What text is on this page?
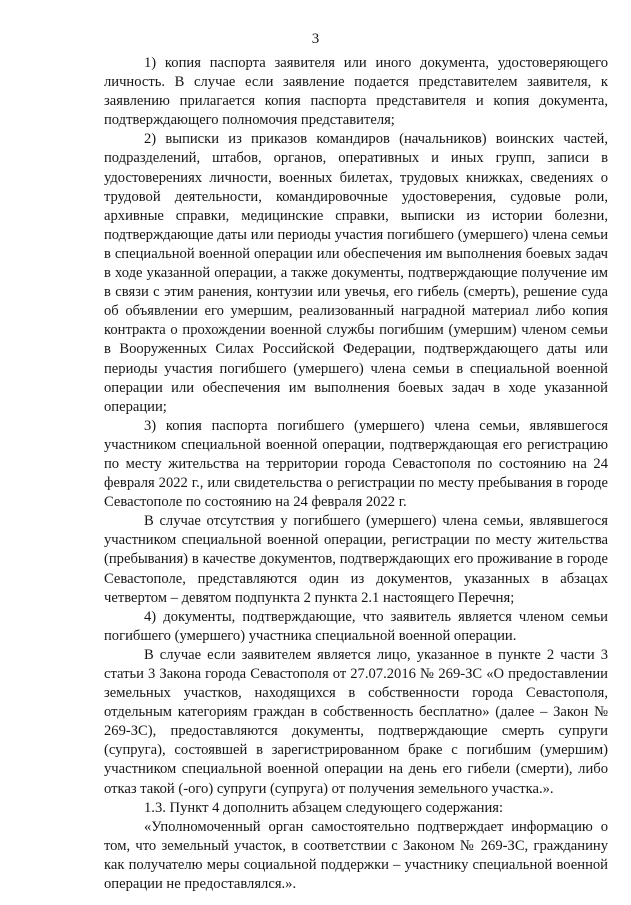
3

1) копия паспорта заявителя или иного документа, удостоверяющего личность. В случае если заявление подается представителем заявителя, к заявлению прилагается копия паспорта представителя и копия документа, подтверждающего полномочия представителя;

2) выписки из приказов командиров (начальников) воинских частей, подразделений, штабов, органов, оперативных и иных групп, записи в удостоверениях личности, военных билетах, трудовых книжках, сведениях о трудовой деятельности, командировочные удостоверения, судовые роли, архивные справки, медицинские справки, выписки из истории болезни, подтверждающие даты или периоды участия погибшего (умершего) члена семьи в специальной военной операции или обеспечения им выполнения боевых задач в ходе указанной операции, а также документы, подтверждающие получение им в связи с этим ранения, контузии или увечья, его гибель (смерть), решение суда об объявлении его умершим, реализованный наградной материал либо копия контракта о прохождении военной службы погибшим (умершим) членом семьи в Вооруженных Силах Российской Федерации, подтверждающего даты или периоды участия погибшего (умершего) члена семьи в специальной военной операции или обеспечения им выполнения боевых задач в ходе указанной операции;

3) копия паспорта погибшего (умершего) члена семьи, являвшегося участником специальной военной операции, подтверждающая его регистрацию по месту жительства на территории города Севастополя по состоянию на 24 февраля 2022 г., или свидетельства о регистрации по месту пребывания в городе Севастополе по состоянию на 24 февраля 2022 г.

В случае отсутствия у погибшего (умершего) члена семьи, являвшегося участником специальной военной операции, регистрации по месту жительства (пребывания) в качестве документов, подтверждающих его проживание в городе Севастополе, представляются один из документов, указанных в абзацах четвертом – девятом подпункта 2 пункта 2.1 настоящего Перечня;

4) документы, подтверждающие, что заявитель является членом семьи погибшего (умершего) участника специальной военной операции.

В случае если заявителем является лицо, указанное в пункте 2 части 3 статьи 3 Закона города Севастополя от 27.07.2016 № 269-ЗС «О предоставлении земельных участков, находящихся в собственности города Севастополя, отдельным категориям граждан в собственность бесплатно» (далее – Закон № 269-ЗС), предоставляются документы, подтверждающие смерть супруги (супруга), состоявшей в зарегистрированном браке с погибшим (умершим) участником специальной военной операции на день его гибели (смерти), либо отказ такой (-ого) супруги (супруга) от получения земельного участка.».

1.3. Пункт 4 дополнить абзацем следующего содержания:

«Уполномоченный орган самостоятельно подтверждает информацию о том, что земельный участок, в соответствии с Законом № 269-ЗС, гражданину как получателю меры социальной поддержки – участнику специальной военной операции не предоставлялся.».
